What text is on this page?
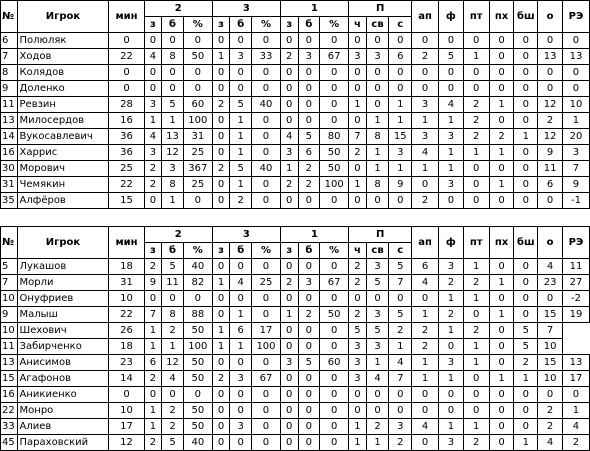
№	Игрок	мин	2			3			1			П			ап	ф	пт	пх	бш	о	РЭ
			з	б	%	з	б	%	з	б	%	ч	св	с							
6	Полюляк	0	0	0	0	0	0	0	0	0	0	0	0	0	0	0	0	0	0	0	0
7	Ходов	22	4	8	50	1	3	33	2	3	67	3	3	6	2	5	1	0	0	13	13
8	Колядов	0	0	0	0	0	0	0	0	0	0	0	0	0	0	0	0	0	0	0	0
9	Доленко	0	0	0	0	0	0	0	0	0	0	0	0	0	0	0	0	0	0	0	0
11	Ревзин	28	3	5	60	2	5	40	0	0	0	1	0	1	3	4	2	1	0	12	10
13	Милосердов	16	1	1	100	0	1	0	0	0	0	0	1	1	1	1	2	0	0	2	1
14	Вукосавлевич	36	4	13	31	0	1	0	4	5	80	7	8	15	3	3	2	2	1	12	20
16	Харрис	36	3	12	25	0	1	0	3	6	50	2	1	3	4	1	1	1	0	9	3
30	Морович	25	2	3	367	2	5	40	1	2	50	0	1	1	1	1	0	0	0	11	7
31	Чемякин	22	2	8	25	0	1	0	2	2	100	1	8	9	0	3	0	1	0	6	9
35	Алфёров	15	0	1	0	0	2	0	0	0	0	0	0	0	2	0	0	0	0	0	-1

№	Игрок	мин	2			3			1			П			ап	ф	пт	пх	бш	о	РЭ
			з	б	%	з	б	%	з	б	%	ч	св	с							
5	Лукашов	18	2	5	40	0	0	0	0	0	0	2	3	5	6	3	1	0	0	4	11
7	Морли	31	9	11	82	1	4	25	2	3	67	2	5	7	4	2	2	1	0	23	27
10	Онуфриев	10	0	0	0	0	0	0	0	0	0	0	0	0	0	1	1	0	0	0	-2
9	Малыш	22	7	8	88	0	1	0	1	2	50	2	3	5	1	2	0	1	0	15	19
10	Шехович	26	1	2	50	1	6	17	0	0	0	5	5	2	2	1	2	0	5	7	
11	Забирченко	18	1	1	100	1	1	100	0	0	0	3	3	1	2	0	1	0	5	10	
13	Анисимов	23	6	12	50	0	0	0	3	5	60	3	1	4	1	3	1	0	2	15	13
15	Агафонов	14	2	4	50	2	3	67	0	0	0	3	4	7	1	1	0	1	1	10	17
16	Аникиенко	0	0	0	0	0	0	0	0	0	0	0	0	0	0	0	0	0	0	0	0
22	Монро	10	1	2	50	0	0	0	0	0	0	0	0	0	0	0	0	0	0	2	1
33	Алиев	17	1	2	50	0	3	0	0	0	0	1	2	3	4	1	1	0	0	2	4
45	Параховский	12	2	5	40	0	0	0	0	0	0	1	1	2	0	3	2	0	1	4	2
